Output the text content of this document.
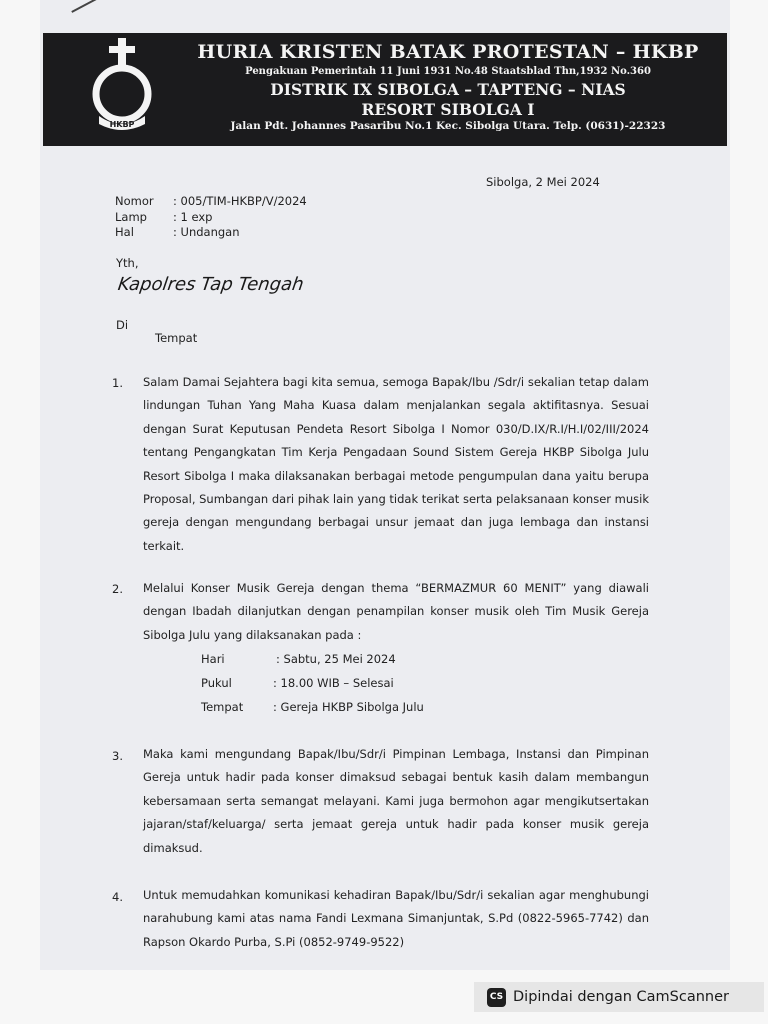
HKBP
HURIA KRISTEN BATAK PROTESTAN – HKBP
Pengakuan Pemerintah 11 Juni 1931 No.48 Staatsblad Thn,1932 No.360
DISTRIK IX SIBOLGA – TAPTENG – NIAS
RESORT SIBOLGA I
Jalan Pdt. Johannes Pasaribu No.1 Kec. Sibolga Utara. Telp. (0631)-22323
Sibolga, 2 Mei 2024
Nomor : 005/TIM-HKBP/V/2024
Lamp : 1 exp
Hal	: Undangan
Yth,
Kapolres Tap Tengah
Di
Tempat
1. Salam Damai Sejahtera bagi kita semua, semoga Bapak/Ibu /Sdr/i sekalian tetap dalam lindungan Tuhan Yang Maha Kuasa dalam menjalankan segala aktifitasnya. Sesuai dengan Surat Keputusan Pendeta Resort Sibolga I Nomor 030/D.IX/R.I/H.I/02/III/2024 tentang Pengangkatan Tim Kerja Pengadaan Sound Sistem Gereja HKBP Sibolga Julu Resort Sibolga I maka dilaksanakan berbagai metode pengumpulan dana yaitu berupa Proposal, Sumbangan dari pihak lain yang tidak terikat serta pelaksanaan konser musik gereja dengan mengundang berbagai unsur jemaat dan juga lembaga dan instansi terkait.
2. Melalui Konser Musik Gereja dengan thema “BERMAZMUR 60 MENIT” yang diawali dengan Ibadah dilanjutkan dengan penampilan konser musik oleh Tim Musik Gereja Sibolga Julu yang dilaksanakan pada :
Hari	: Sabtu, 25 Mei 2024
Pukul	: 18.00 WIB – Selesai
Tempat	: Gereja HKBP Sibolga Julu
3. Maka kami mengundang Bapak/Ibu/Sdr/i Pimpinan Lembaga, Instansi dan Pimpinan Gereja untuk hadir pada konser dimaksud sebagai bentuk kasih dalam membangun kebersamaan serta semangat melayani. Kami juga bermohon agar mengikutsertakan jajaran/staf/keluarga/ serta jemaat gereja untuk hadir pada konser musik gereja dimaksud.
4. Untuk memudahkan komunikasi kehadiran Bapak/Ibu/Sdr/i sekalian agar menghubungi narahubung kami atas nama Fandi Lexmana Simanjuntak, S.Pd (0822-5965-7742) dan Rapson Okardo Purba, S.Pi (0852-9749-9522)
CS Dipindai dengan CamScanner
